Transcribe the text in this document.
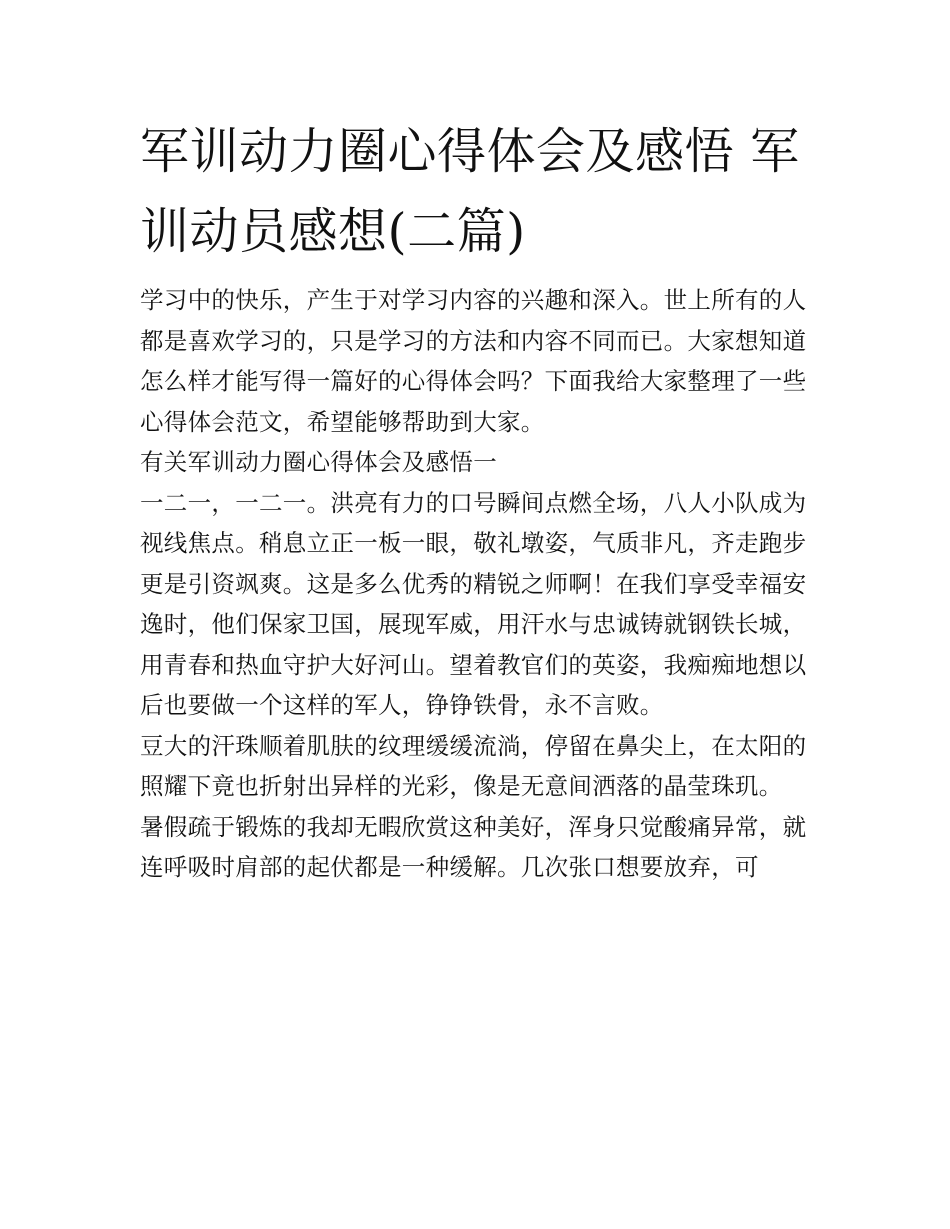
军训动力圈心得体会及感悟 军训动员感想(二篇)

学习中的快乐，产生于对学习内容的兴趣和深入。世上所有的人都是喜欢学习的，只是学习的方法和内容不同而已。大家想知道怎么样才能写得一篇好的心得体会吗？下面我给大家整理了一些心得体会范文，希望能够帮助到大家。

有关军训动力圈心得体会及感悟一

一二一，一二一。洪亮有力的口号瞬间点燃全场，八人小队成为视线焦点。稍息立正一板一眼，敬礼墩姿，气质非凡，齐走跑步更是引资飒爽。这是多么优秀的精锐之师啊！在我们享受幸福安逸时，他们保家卫国，展现军威，用汗水与忠诚铸就钢铁长城，用青春和热血守护大好河山。望着教官们的英姿，我痴痴地想以后也要做一个这样的军人，铮铮铁骨，永不言败。

豆大的汗珠顺着肌肤的纹理缓缓流淌，停留在鼻尖上，在太阳的照耀下竟也折射出异样的光彩，像是无意间洒落的晶莹珠玑。

暑假疏于锻炼的我却无暇欣赏这种美好，浑身只觉酸痛异常，就连呼吸时肩部的起伏都是一种缓解。几次张口想要放弃，可
